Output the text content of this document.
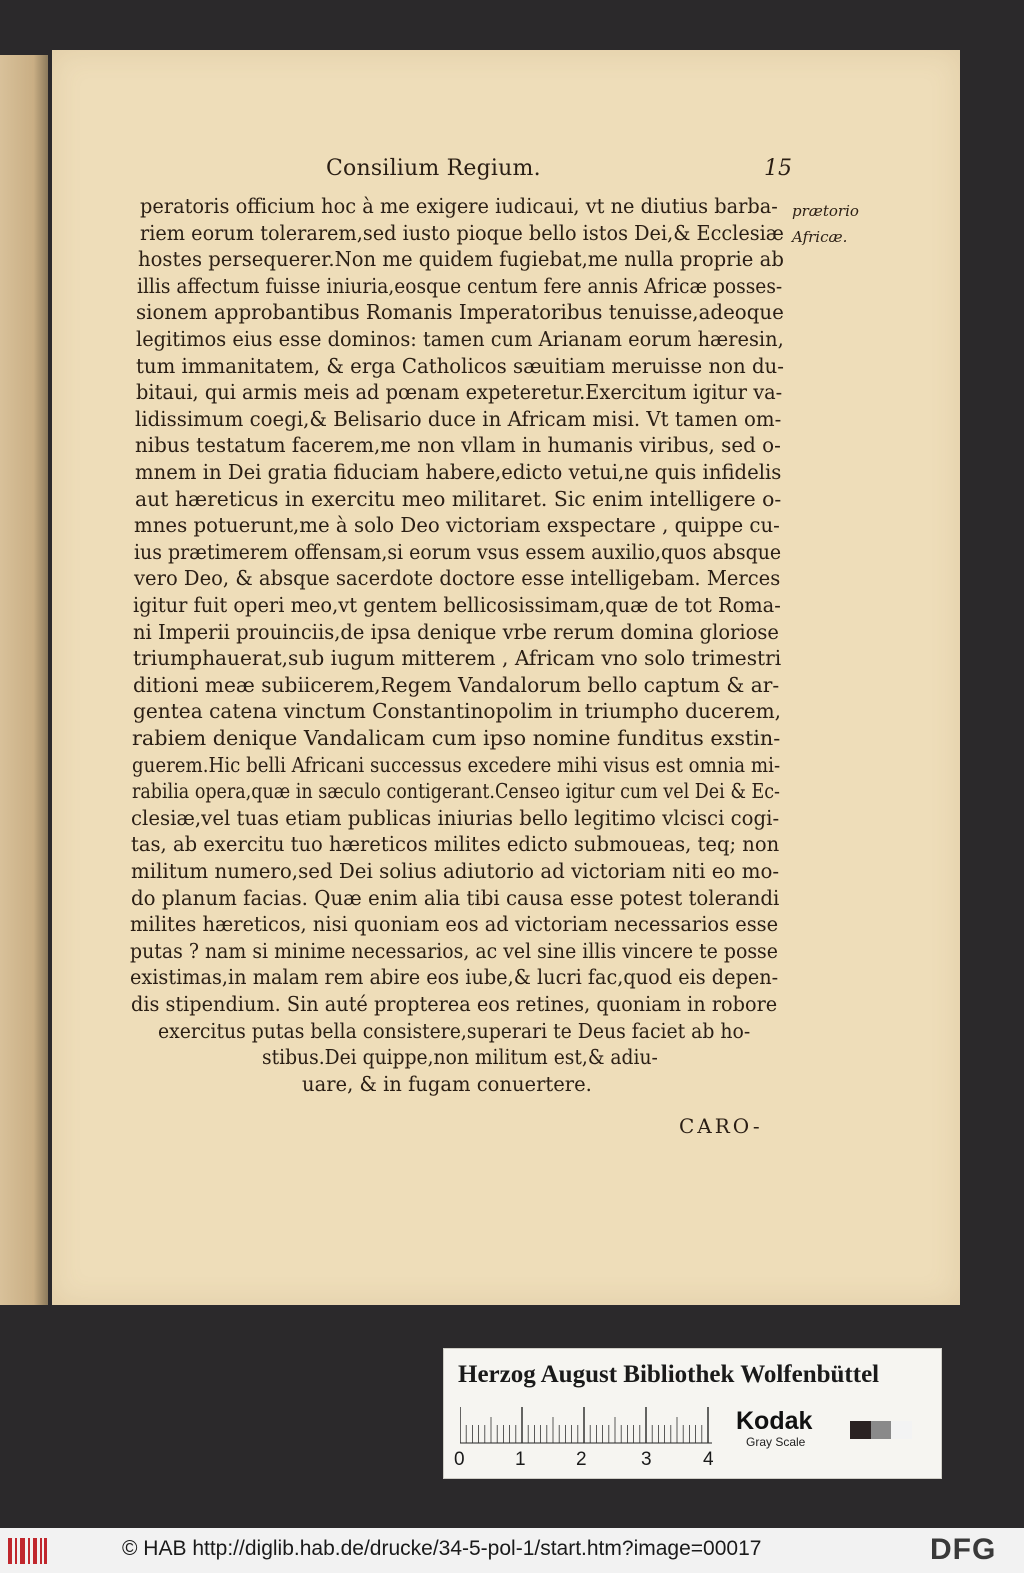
Consilium Regium.	15
prætorio
Africæ.
peratoris officium hoc à me exigere iudicaui, vt ne diutius barba-
riem eorum tolerarem,sed iusto pioque bello istos Dei,& Ecclesiæ
hostes persequerer.Non me quidem fugiebat,me nulla proprie ab
illis affectum fuisse iniuria,eosque centum fere annis Africæ posses-
sionem approbantibus Romanis Imperatoribus tenuisse,adeoque
legitimos eius esse dominos: tamen cum Arianam eorum hæresin,
tum immanitatem, & erga Catholicos sæuitiam meruisse non du-
bitaui, qui armis meis ad pœnam expeteretur.Exercitum igitur va-
lidissimum coegi,& Belisario duce in Africam misi. Vt tamen om-
nibus testatum facerem,me non vllam in humanis viribus, sed o-
mnem in Dei gratia fiduciam habere,edicto vetui,ne quis infidelis
aut hæreticus in exercitu meo militaret. Sic enim intelligere o-
mnes potuerunt,me à solo Deo victoriam exspectare , quippe cu-
ius prætimerem offensam,si eorum vsus essem auxilio,quos absque
vero Deo, & absque sacerdote doctore esse intelligebam. Merces
igitur fuit operi meo,vt gentem bellicosissimam,quæ de tot Roma-
ni Imperii prouinciis,de ipsa denique vrbe rerum domina gloriose
triumphauerat,sub iugum mitterem , Africam vno solo trimestri
ditioni meæ subiicerem,Regem Vandalorum bello captum & ar-
gentea catena vinctum Constantinopolim in triumpho ducerem,
rabiem denique Vandalicam cum ipso nomine funditus exstin-
guerem.Hic belli Africani successus excedere mihi visus est omnia mi-
rabilia opera,quæ in sæculo contigerant.Censeo igitur cum vel Dei & Ec-
clesiæ,vel tuas etiam publicas iniurias bello legitimo vlcisci cogi-
tas, ab exercitu tuo hæreticos milites edicto submoueas, teq; non
militum numero,sed Dei solius adiutorio ad victoriam niti eo mo-
do planum facias. Quæ enim alia tibi causa esse potest tolerandi
milites hæreticos, nisi quoniam eos ad victoriam necessarios esse
putas ? nam si minime necessarios, ac vel sine illis vincere te posse
existimas,in malam rem abire eos iube,& lucri fac,quod eis depen-
dis stipendium. Sin auté propterea eos retines, quoniam in robore
exercitus putas bella consistere,superari te Deus faciet ab ho-
stibus.Dei quippe,non militum est,& adiu-
uare, & in fugam conuertere.
CARO-
Herzog August Bibliothek Wolfenbüttel
0	1	2	3	4
Kodak
Gray Scale
© HAB http://diglib.hab.de/drucke/34-5-pol-1/start.htm?image=00017	DFG
